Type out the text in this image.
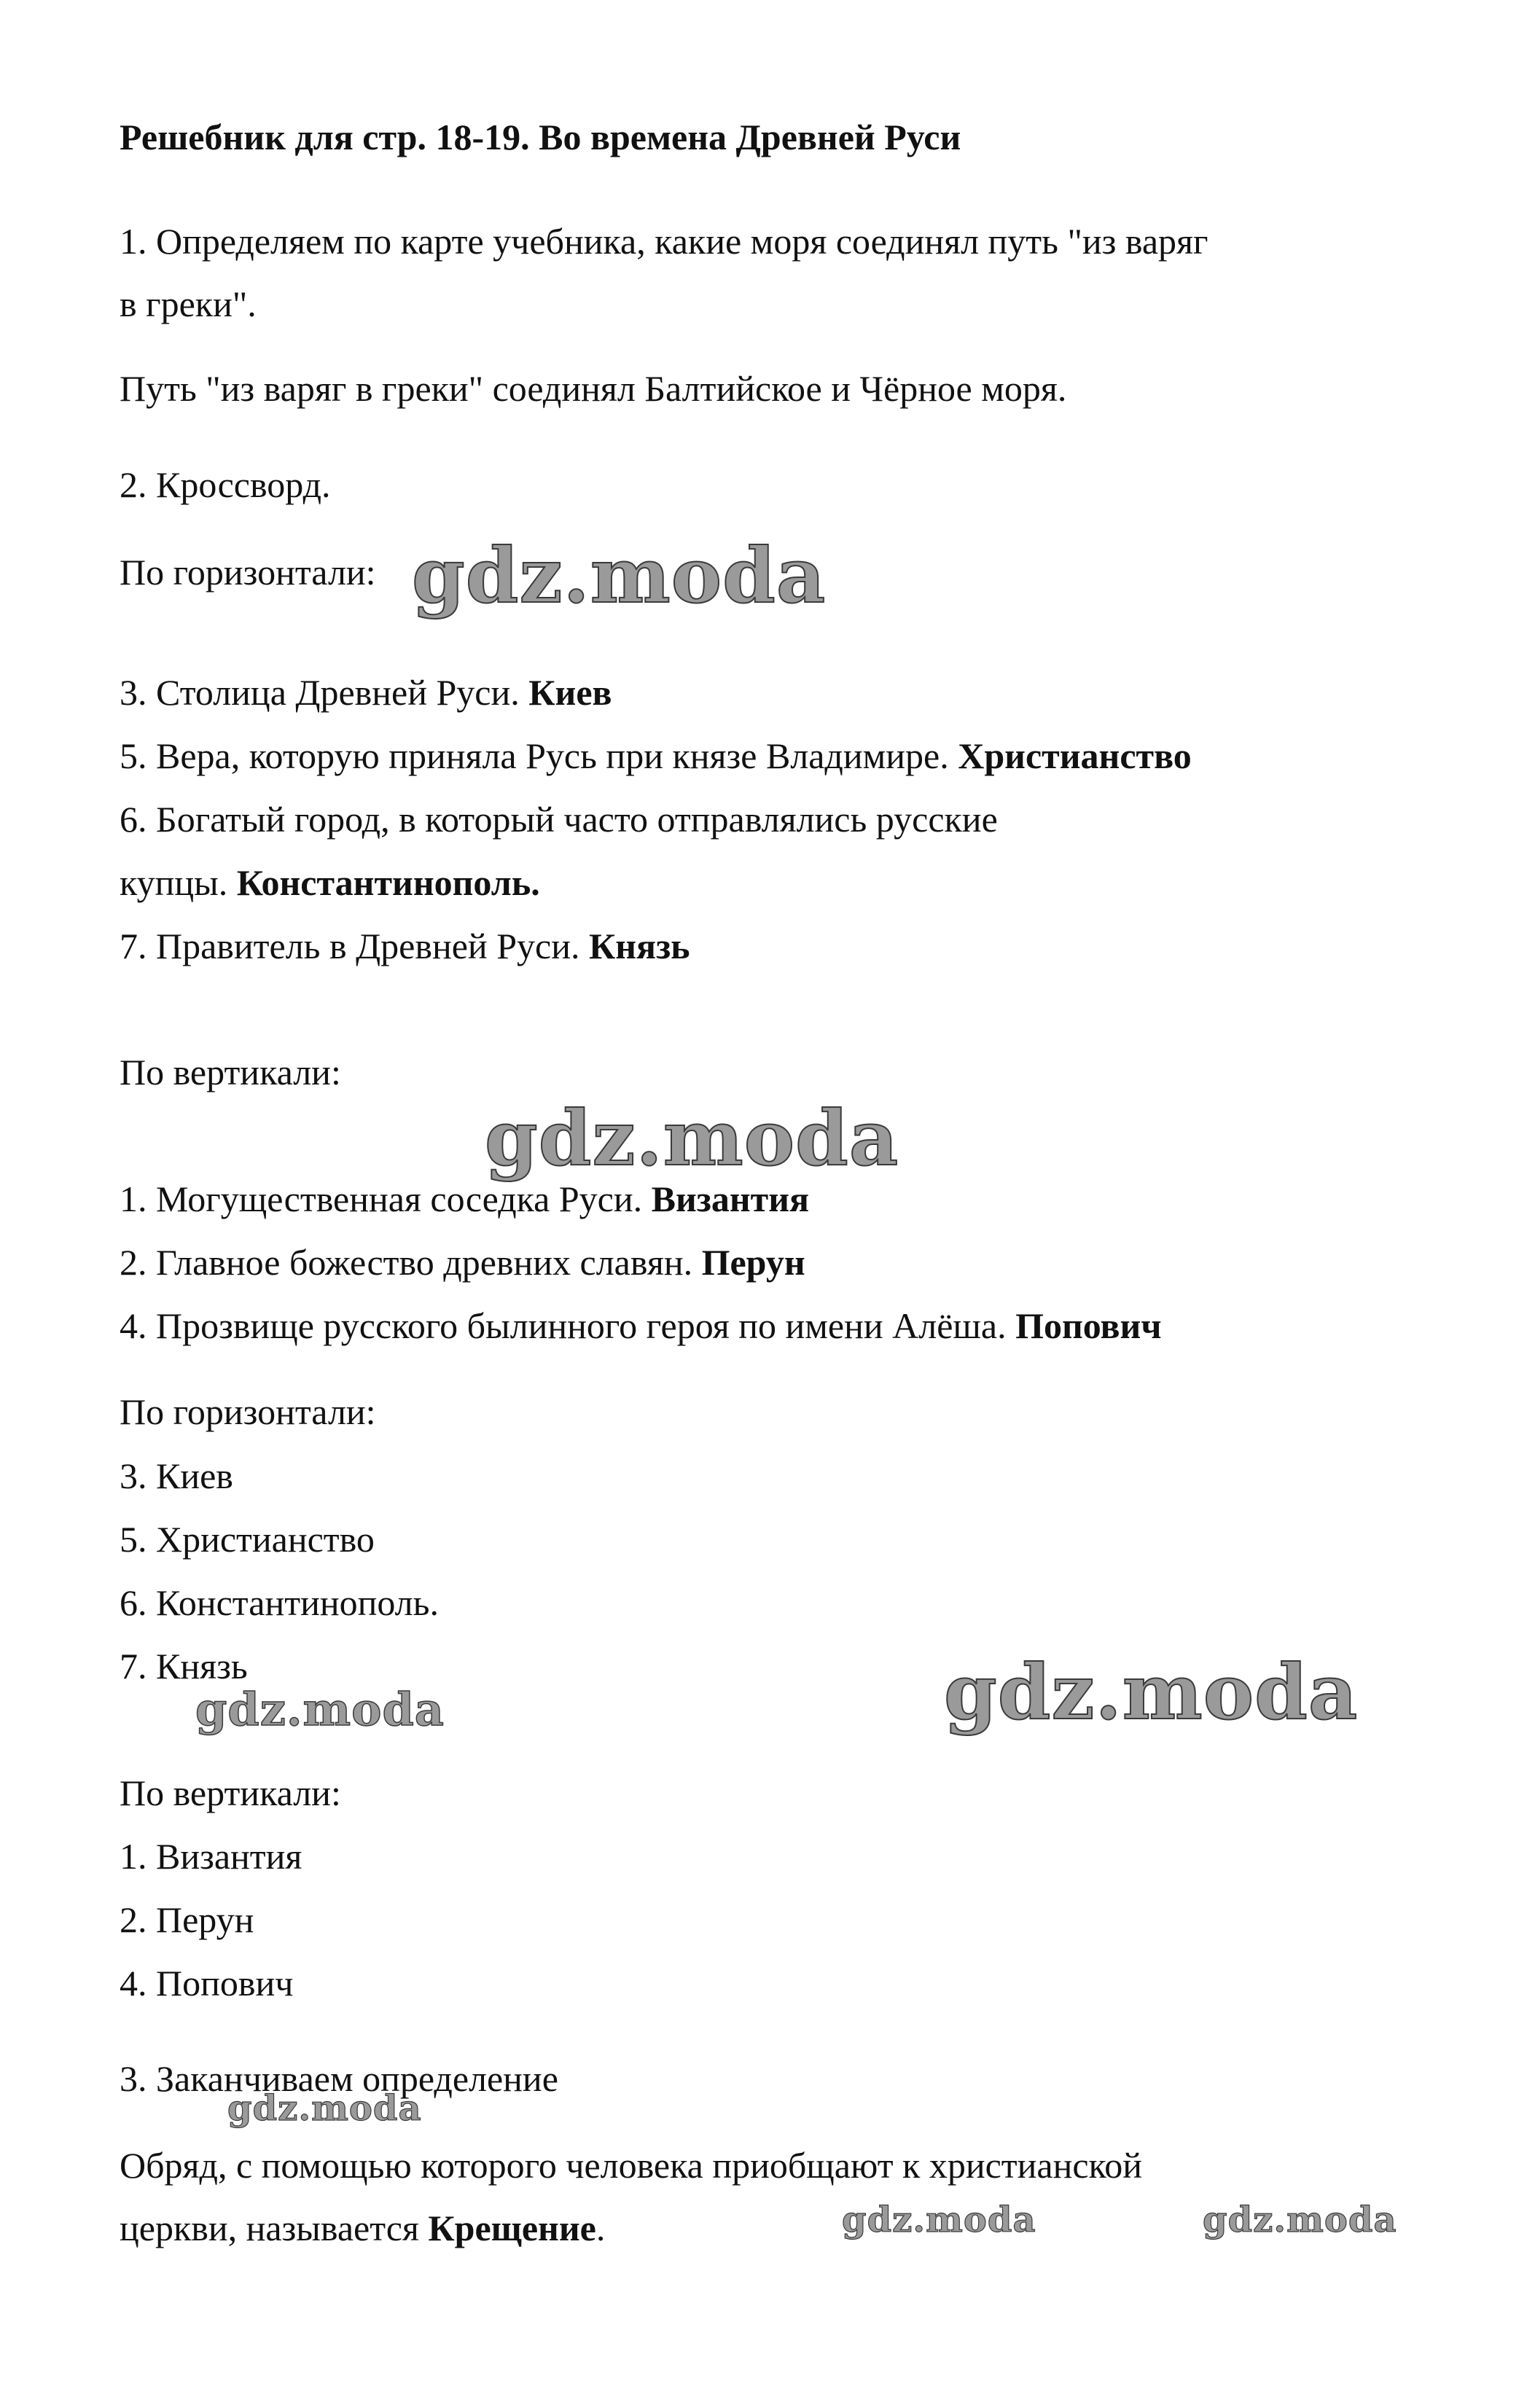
Решебник для стр. 18-19. Во времена Древней Руси
1. Определяем по карте учебника, какие моря соединял путь "из варяг
в греки".
Путь "из варяг в греки" соединял Балтийское и Чёрное моря.
2. Кроссворд.
По горизонтали:
3. Столица Древней Руси. Киев
5. Вера, которую приняла Русь при князе Владимире. Христианство
6. Богатый город, в который часто отправлялись русские
купцы. Константинополь.
7. Правитель в Древней Руси. Князь
По вертикали:
1. Могущественная соседка Руси. Византия
2. Главное божество древних славян. Перун
4. Прозвище русского былинного героя по имени Алёша. Попович
По горизонтали:
3. Киев
5. Христианство
6. Константинополь.
7. Князь
По вертикали:
1. Византия
2. Перун
4. Попович
3. Заканчиваем определение
Обряд, с помощью которого человека приобщают к христианской
церкви, называется Крещение.
gdz.moda
gdz.moda
gdz.moda
gdz.moda
gdz.moda
gdz.moda	gdz.moda
